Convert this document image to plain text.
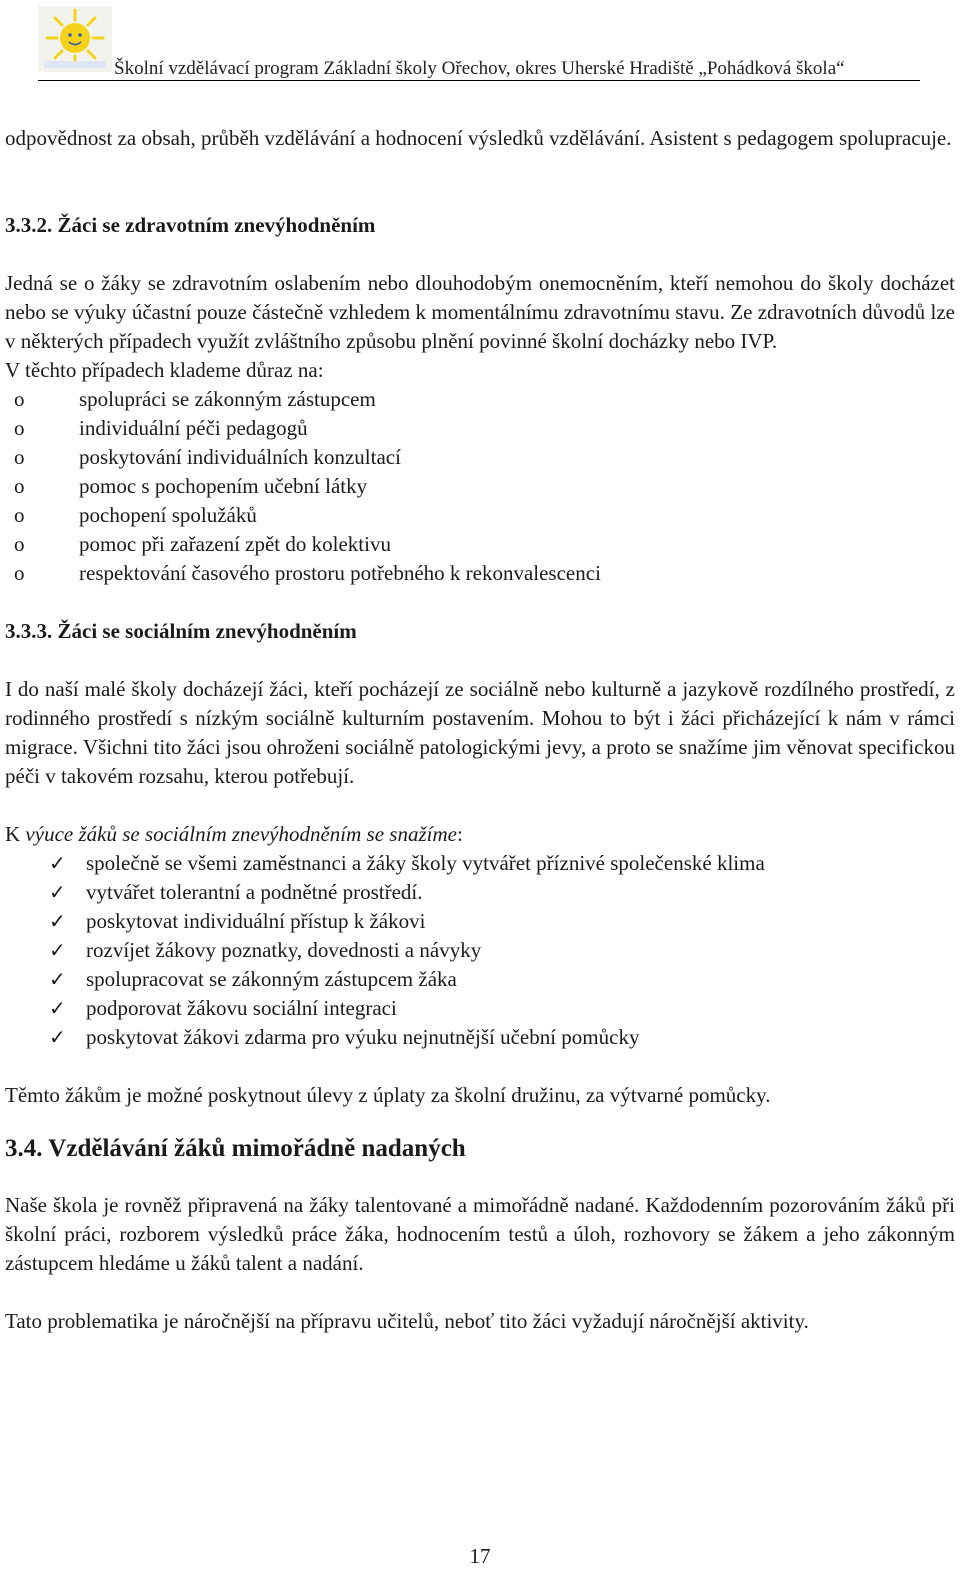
Školní vzdělávací program Základní školy Ořechov, okres Uherské Hradiště „Pohádková škola“

odpovědnost za obsah, průběh vzdělávání a hodnocení výsledků vzdělávání. Asistent s pedagogem spolupracuje.

3.3.2. Žáci se zdravotním znevýhodněním

Jedná se o žáky se zdravotním oslabením nebo dlouhodobým onemocněním, kteří nemohou do školy docházet nebo se výuky účastní pouze částečně vzhledem k momentálnímu zdravotnímu stavu. Ze zdravotních důvodů lze v některých případech využít zvláštního způsobu plnění povinné školní docházky nebo IVP.

V těchto případech klademe důraz na:

o	spolupráci se zákonným zástupcem
o	individuální péči pedagogů
o	poskytování individuálních konzultací
o	pomoc s pochopením učební látky
o	pochopení spolužáků
o	pomoc při zařazení zpět do kolektivu
o	respektování časového prostoru potřebného k rekonvalescenci
3.3.3. Žáci se sociálním znevýhodněním

I do naší malé školy docházejí žáci, kteří pocházejí ze sociálně nebo kulturně a jazykově rozdílného prostředí, z rodinného prostředí s nízkým sociálně kulturním postavením. Mohou to být i žáci přicházející k nám v rámci migrace. Všichni tito žáci jsou ohroženi sociálně patologickými jevy, a proto se snažíme jim věnovat specifickou péči v takovém rozsahu, kterou potřebují.

K výuce žáků se sociálním znevýhodněním se snažíme:

✓ společně se všemi zaměstnanci a žáky školy vytvářet příznivé společenské klima
✓ vytvářet tolerantní a podnětné prostředí.
✓ poskytovat individuální přístup k žákovi
✓ rozvíjet žákovy poznatky, dovednosti a návyky
✓ spolupracovat se zákonným zástupcem žáka
✓ podporovat žákovu sociální integraci
✓ poskytovat žákovi zdarma pro výuku nejnutnější učební pomůcky

Těmto žákům je možné poskytnout úlevy z úplaty za školní družinu, za výtvarné pomůcky.

3.4. Vzdělávání žáků mimořádně nadaných

Naše škola je rovněž připravená na žáky talentované a mimořádně nadané. Každodenním pozorováním žáků při školní práci, rozborem výsledků práce žáka, hodnocením testů a úloh, rozhovory se žákem a jeho zákonným zástupcem hledáme u žáků talent a nadání.

Tato problematika je náročnější na přípravu učitelů, neboť tito žáci vyžadují náročnější aktivity.

17
